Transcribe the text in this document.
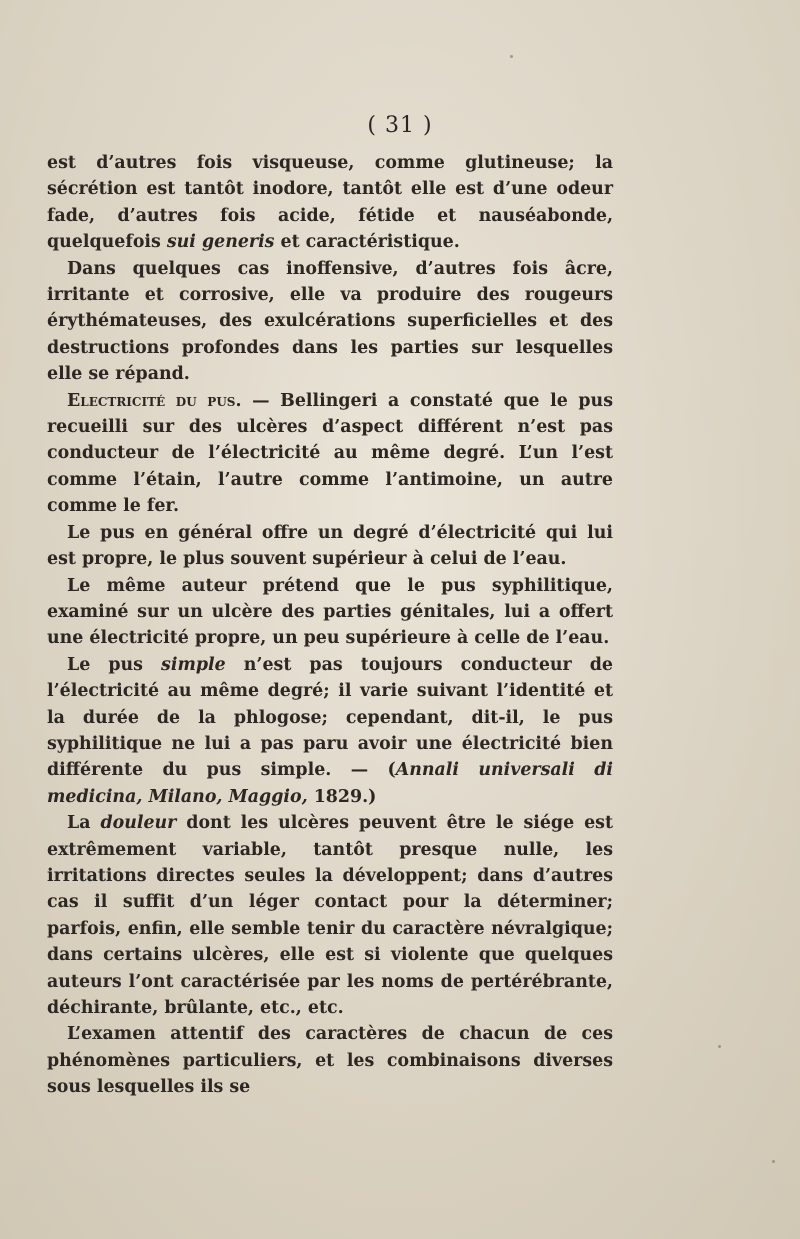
( 31 )

est d’autres fois visqueuse, comme glutineuse; la sécrétion est tantôt inodore, tantôt elle est d’une odeur fade, d’autres fois acide, fétide et nauséabonde, quelquefois sui generis et caractéristique.

Dans quelques cas inoffensive, d’autres fois âcre, irritante et corrosive, elle va produire des rougeurs érythémateuses, des exulcérations superficielles et des destructions profondes dans les parties sur lesquelles elle se répand.

Electricité du pus. — Bellingeri a constaté que le pus recueilli sur des ulcères d’aspect différent n’est pas conducteur de l’électricité au même degré. L’un l’est comme l’étain, l’autre comme l’antimoine, un autre comme le fer.

Le pus en général offre un degré d’électricité qui lui est propre, le plus souvent supérieur à celui de l’eau.

Le même auteur prétend que le pus syphilitique, examiné sur un ulcère des parties génitales, lui a offert une électricité propre, un peu supérieure à celle de l’eau.

Le pus simple n’est pas toujours conducteur de l’électricité au même degré; il varie suivant l’identité et la durée de la phlogose; cependant, dit-il, le pus syphilitique ne lui a pas paru avoir une électricité bien différente du pus simple. — (Annali universali di medicina, Milano, Maggio, 1829.)

La douleur dont les ulcères peuvent être le siége est extrêmement variable, tantôt presque nulle, les irritations directes seules la développent; dans d’autres cas il suffit d’un léger contact pour la déterminer; parfois, enfin, elle semble tenir du caractère névralgique; dans certains ulcères, elle est si violente que quelques auteurs l’ont caractérisée par les noms de pertérébrante, déchirante, brûlante, etc., etc.

L’examen attentif des caractères de chacun de ces phénomènes particuliers, et les combinaisons diverses sous lesquelles ils se
